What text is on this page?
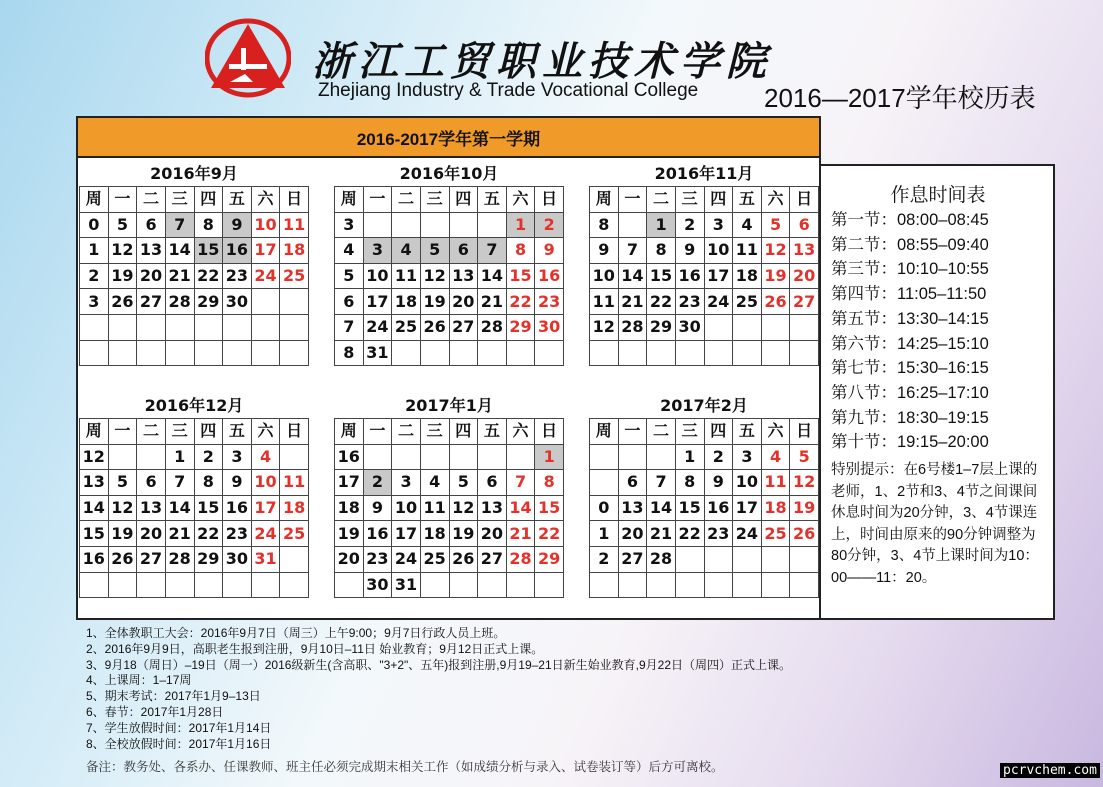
浙江工贸职业技术学院
Zhejiang Industry & Trade Vocational College	2016—2017学年校历表
2016-2017学年第一学期
2016年9月
周	一	二	三	四	五	六	日
0	5	6	7	8	9	10	11
1	12	13	14	15	16	17	18
2	19	20	21	22	23	24	25
3	26	27	28	29	30		

2016年10月
周	一	二	三	四	五	六	日
3						1	2
4	3	4	5	6	7	8	9
5	10	11	12	13	14	15	16
6	17	18	19	20	21	22	23
7	24	25	26	27	28	29	30
8	31						
2016年11月
周	一	二	三	四	五	六	日
8		1	2	3	4	5	6
9	7	8	9	10	11	12	13
10	14	15	16	17	18	19	20
11	21	22	23	24	25	26	27
12	28	29	30				

2016年12月
周	一	二	三	四	五	六	日
12			1	2	3	4	
13	5	6	7	8	9	10	11
14	12	13	14	15	16	17	18
15	19	20	21	22	23	24	25
16	26	27	28	29	30	31	

2017年1月
周	一	二	三	四	五	六	日
16							1
17	2	3	4	5	6	7	8
18	9	10	11	12	13	14	15
19	16	17	18	19	20	21	22
20	23	24	25	26	27	28	29
	30	31					
2017年2月
周	一	二	三	四	五	六	日
			1	2	3	4	5
	6	7	8	9	10	11	12
0	13	14	15	16	17	18	19
1	20	21	22	23	24	25	26
2	27	28					

作息时间表
第一节：08:00–08:45
第二节：08:55–09:40
第三节：10:10–10:55
第四节：11:05–11:50
第五节：13:30–14:15
第六节：14:25–15:10
第七节：15:30–16:15
第八节：16:25–17:10
第九节：18:30–19:15
第十节：19:15–20:00
特别提示：在6号楼1–7层上课的老师，1、2节和3、4节之间课间休息时间为20分钟，3、4节课连上，时间由原来的90分钟调整为80分钟，3、4节上课时间为10：00——11：20。
1、全体教职工大会：2016年9月7日（周三）上午9:00；9月7日行政人员上班。
2、2016年9月9日，高职老生报到注册，9月10日–11日 始业教育；9月12日正式上课。
3、9月18（周日）–19日（周一）2016级新生(含高职、"3+2"、五年)报到注册,9月19–21日新生始业教育,9月22日（周四）正式上课。
4、上课周：1–17周
5、期末考试：2017年1月9–13日
6、春节：2017年1月28日
7、学生放假时间：2017年1月14日
8、全校放假时间：2017年1月16日
备注：教务处、各系办、任课教师、班主任必须完成期末相关工作（如成绩分析与录入、试卷装订等）后方可离校。	pcrvchem.com
